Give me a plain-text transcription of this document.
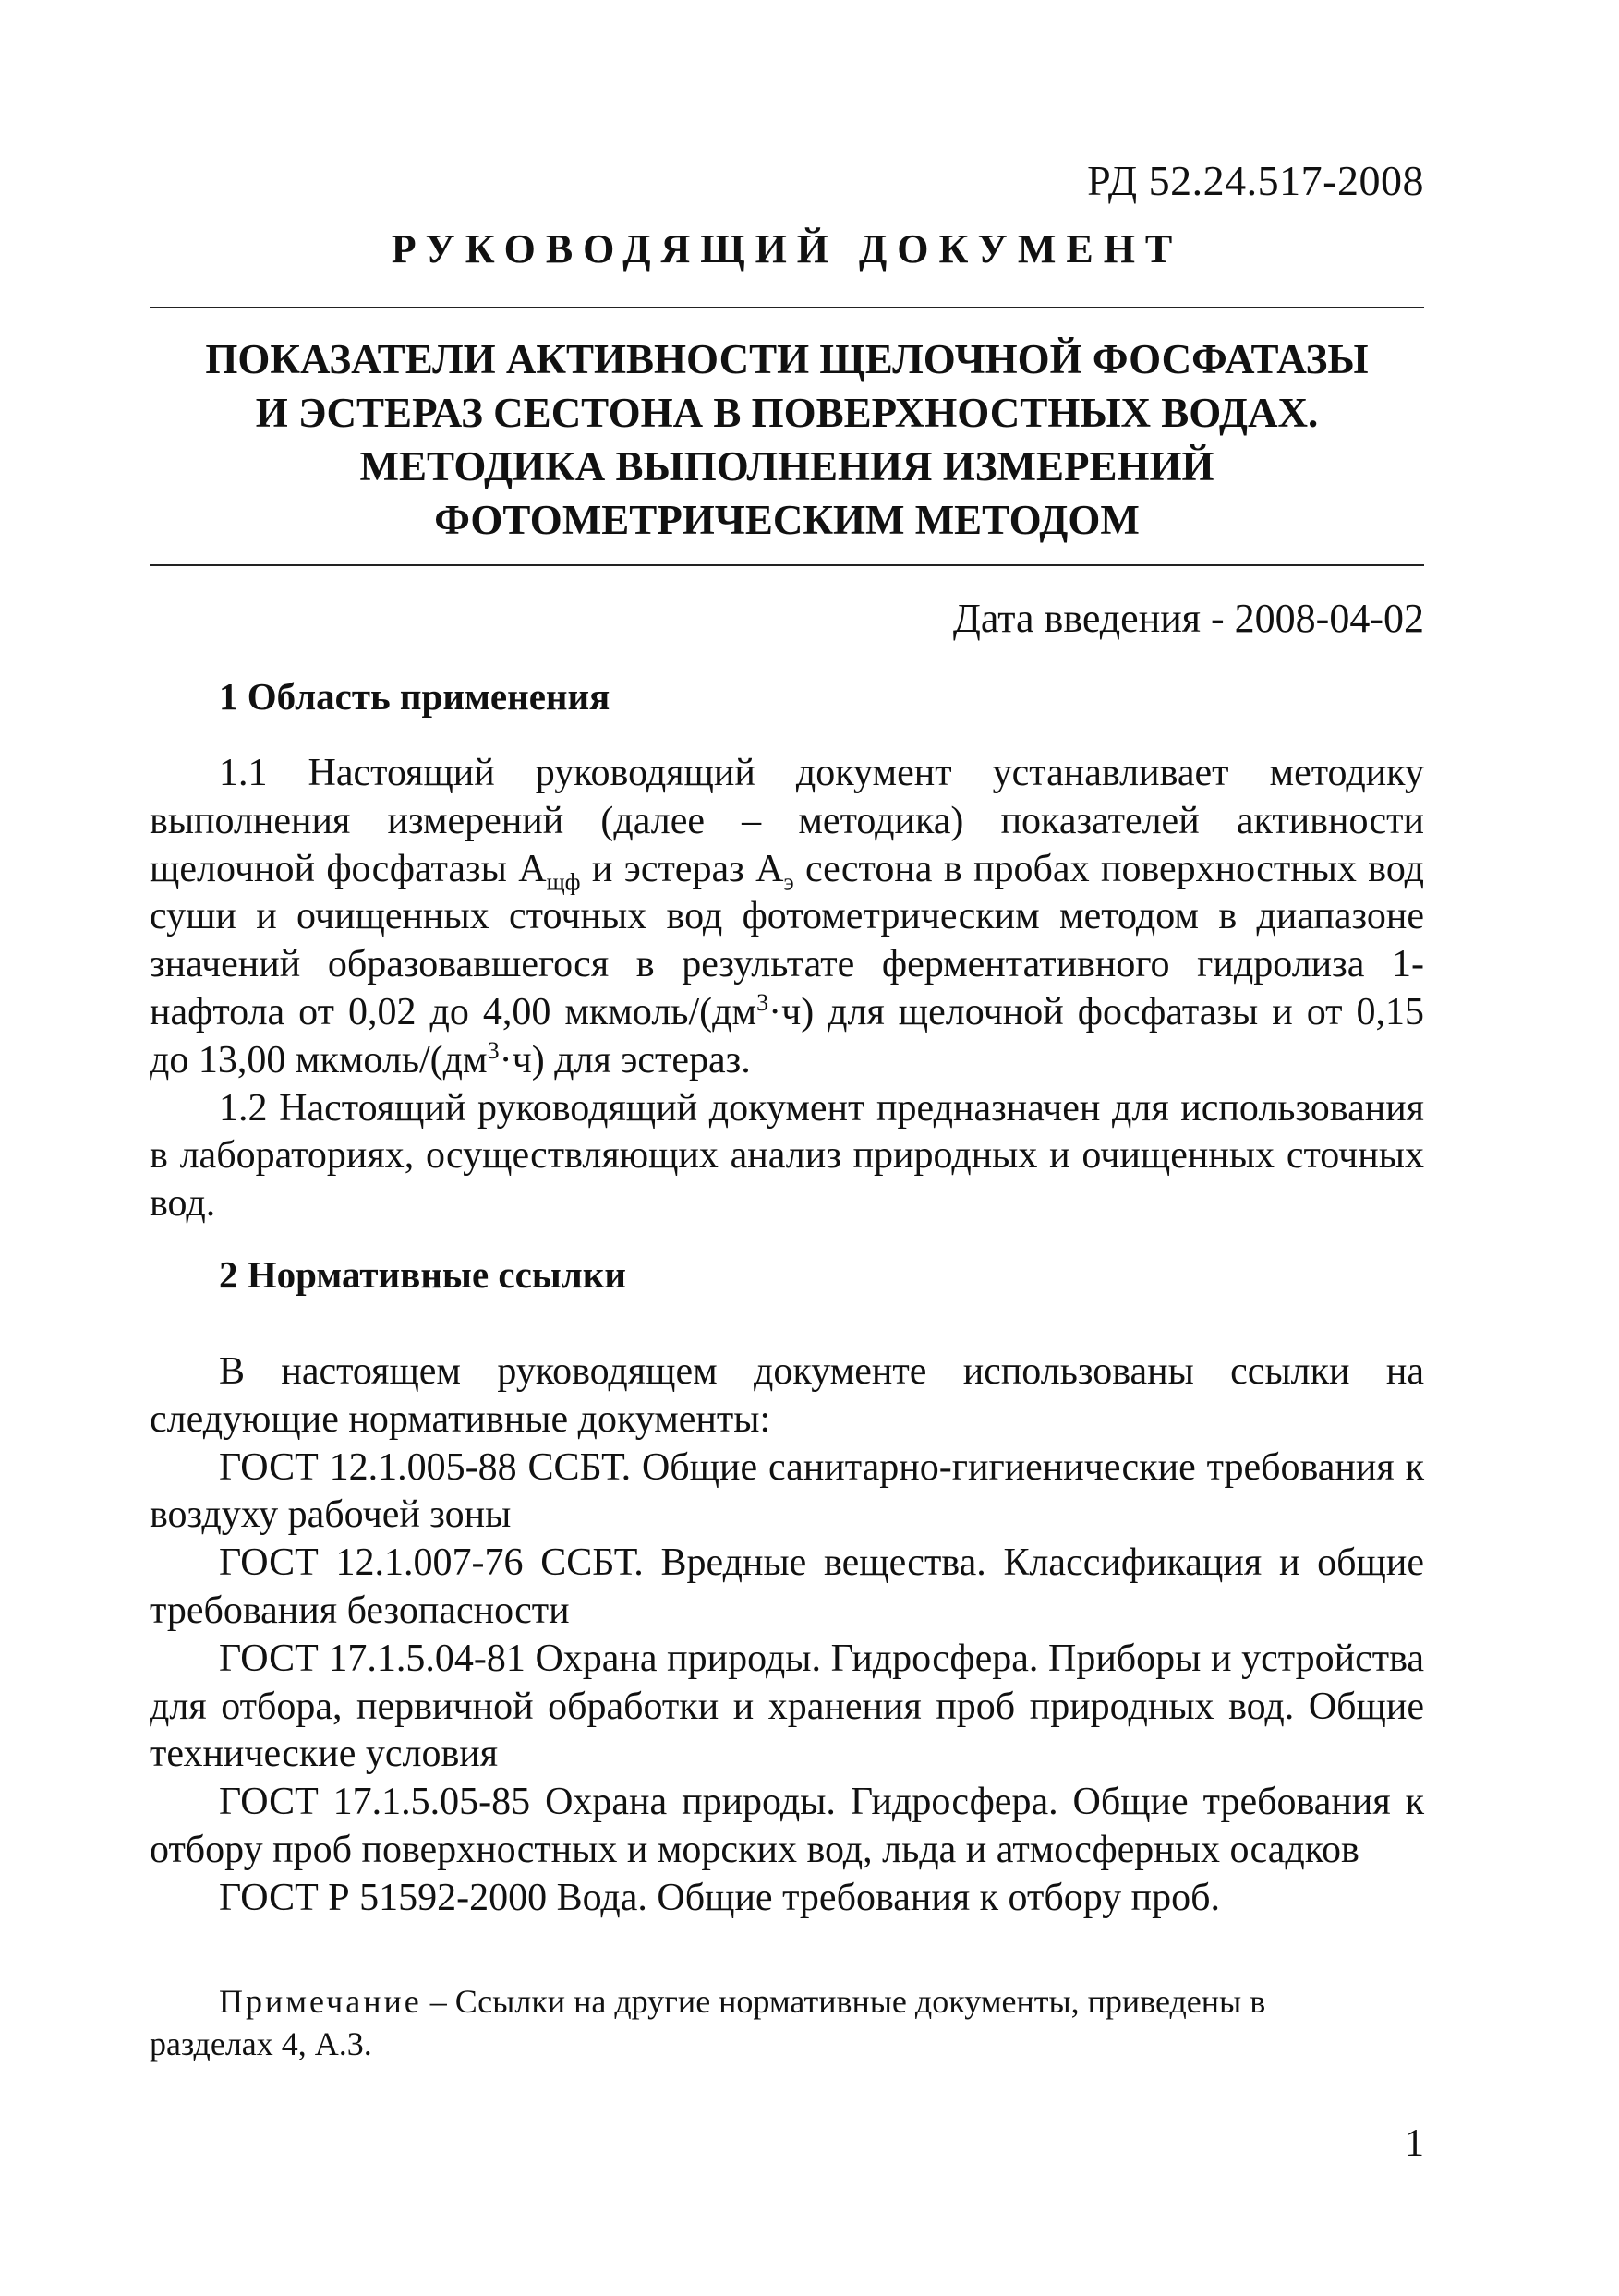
РД 52.24.517-2008
РУКОВОДЯЩИЙ ДОКУМЕНТ
ПОКАЗАТЕЛИ АКТИВНОСТИ ЩЕЛОЧНОЙ ФОСФАТАЗЫ
И ЭСТЕРАЗ СЕСТОНА В ПОВЕРХНОСТНЫХ ВОДАХ.
МЕТОДИКА ВЫПОЛНЕНИЯ ИЗМЕРЕНИЙ
ФОТОМЕТРИЧЕСКИМ МЕТОДОМ
Дата введения - 2008-04-02
1 Область применения

1.1 Настоящий руководящий документ устанавливает методику выполнения измерений (далее – методика) показателей активности щелочной фосфатазы $А_{щф}$ и эстераз $А_э$ сестона в пробах поверхностных вод суши и очищенных сточных вод фотометрическим методом в диапазоне значений образовавшегося в результате ферментативного гидролиза 1-нафтола от 0,02 до 4,00 мкмоль/$(дм^3\cdot ч)$ для щелочной фосфатазы и от 0,15 до 13,00 мкмоль/$(дм^3\cdot ч)$ для эстераз.

1.2 Настоящий руководящий документ предназначен для использования в лабораториях, осуществляющих анализ природных и очищенных сточных вод.

2 Нормативные ссылки

В настоящем руководящем документе использованы ссылки на следующие нормативные документы:

ГОСТ 12.1.005-88 ССБТ. Общие санитарно-гигиенические требования к воздуху рабочей зоны

ГОСТ 12.1.007-76 ССБТ. Вредные вещества. Классификация и общие требования безопасности

ГОСТ 17.1.5.04-81 Охрана природы. Гидросфера. Приборы и устройства для отбора, первичной обработки и хранения проб природных вод. Общие технические условия

ГОСТ 17.1.5.05-85 Охрана природы. Гидросфера. Общие требования к отбору проб поверхностных и морских вод, льда и атмосферных осадков

ГОСТ Р 51592-2000 Вода. Общие требования к отбору проб.

Примечание – Ссылки на другие нормативные документы, приведены в
разделах 4, А.3.
1
